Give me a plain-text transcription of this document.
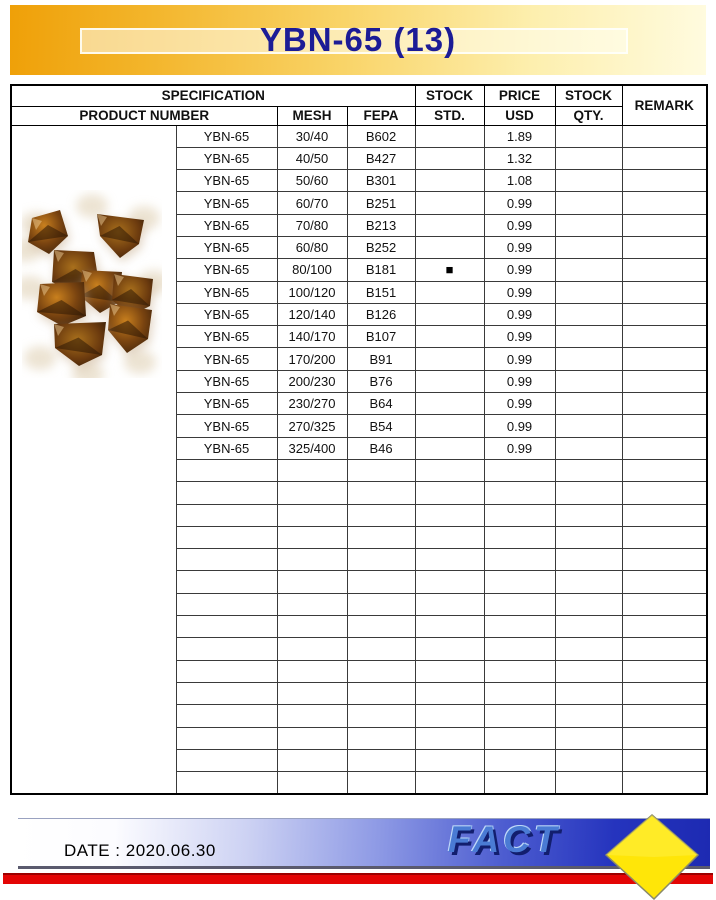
YBN-65 (13)
SPECIFICATION				STOCK	PRICE	STOCK	REMARK
PRODUCT NUMBER		MESH	FEPA	STD.	USD	QTY.	

	YBN-65	30/40	B602		1.89		
	YBN-65	40/50	B427		1.32		
	YBN-65	50/60	B301		1.08		
	YBN-65	60/70	B251		0.99		
	YBN-65	70/80	B213		0.99		
	YBN-65	60/80	B252		0.99		
	YBN-65	80/100	B181	■	0.99		
	YBN-65	100/120	B151		0.99		
	YBN-65	120/140	B126		0.99		
	YBN-65	140/170	B107		0.99		
	YBN-65	170/200	B91		0.99		
	YBN-65	200/230	B76		0.99		
	YBN-65	230/270	B64		0.99		
	YBN-65	270/325	B54		0.99		
	YBN-65	325/400	B46		0.99		

DATE : 2020.06.30	FACT
